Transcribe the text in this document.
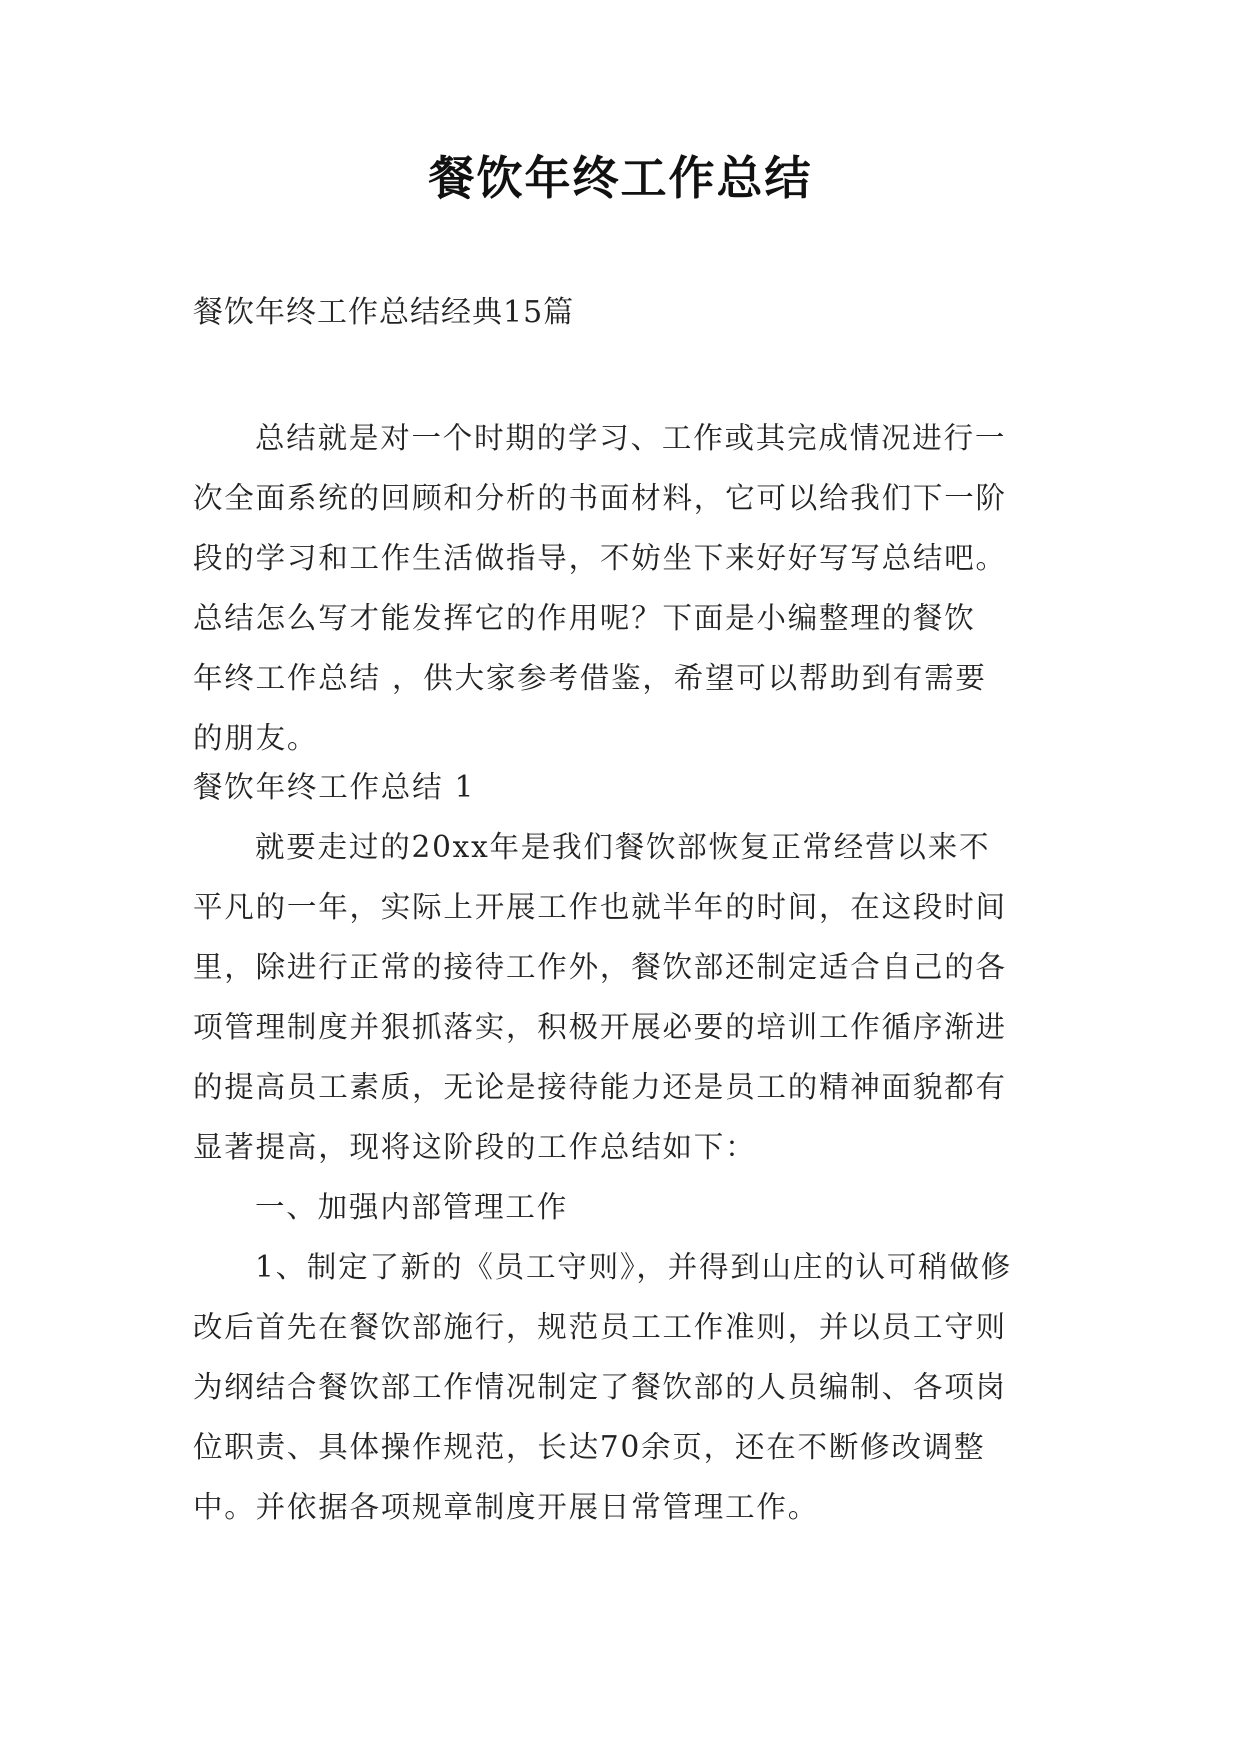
餐饮年终工作总结
餐饮年终工作总结经典15篇
总结就是对一个时期的学习、工作或其完成情况进行一
次全面系统的回顾和分析的书面材料，它可以给我们下一阶
段的学习和工作生活做指导，不妨坐下来好好写写总结吧。
总结怎么写才能发挥它的作用呢？下面是小编整理的餐饮
年终工作总结 ，供大家参考借鉴，希望可以帮助到有需要
的朋友。
餐饮年终工作总结 1
就要走过的20xx年是我们餐饮部恢复正常经营以来不
平凡的一年，实际上开展工作也就半年的时间，在这段时间
里，除进行正常的接待工作外，餐饮部还制定适合自己的各
项管理制度并狠抓落实，积极开展必要的培训工作循序渐进
的提高员工素质，无论是接待能力还是员工的精神面貌都有
显著提高，现将这阶段的工作总结如下：
一、加强内部管理工作
1、制定了新的《员工守则》，并得到山庄的认可稍做修
改后首先在餐饮部施行，规范员工工作准则，并以员工守则
为纲结合餐饮部工作情况制定了餐饮部的人员编制、各项岗
位职责、具体操作规范，长达70余页，还在不断修改调整
中。并依据各项规章制度开展日常管理工作。
